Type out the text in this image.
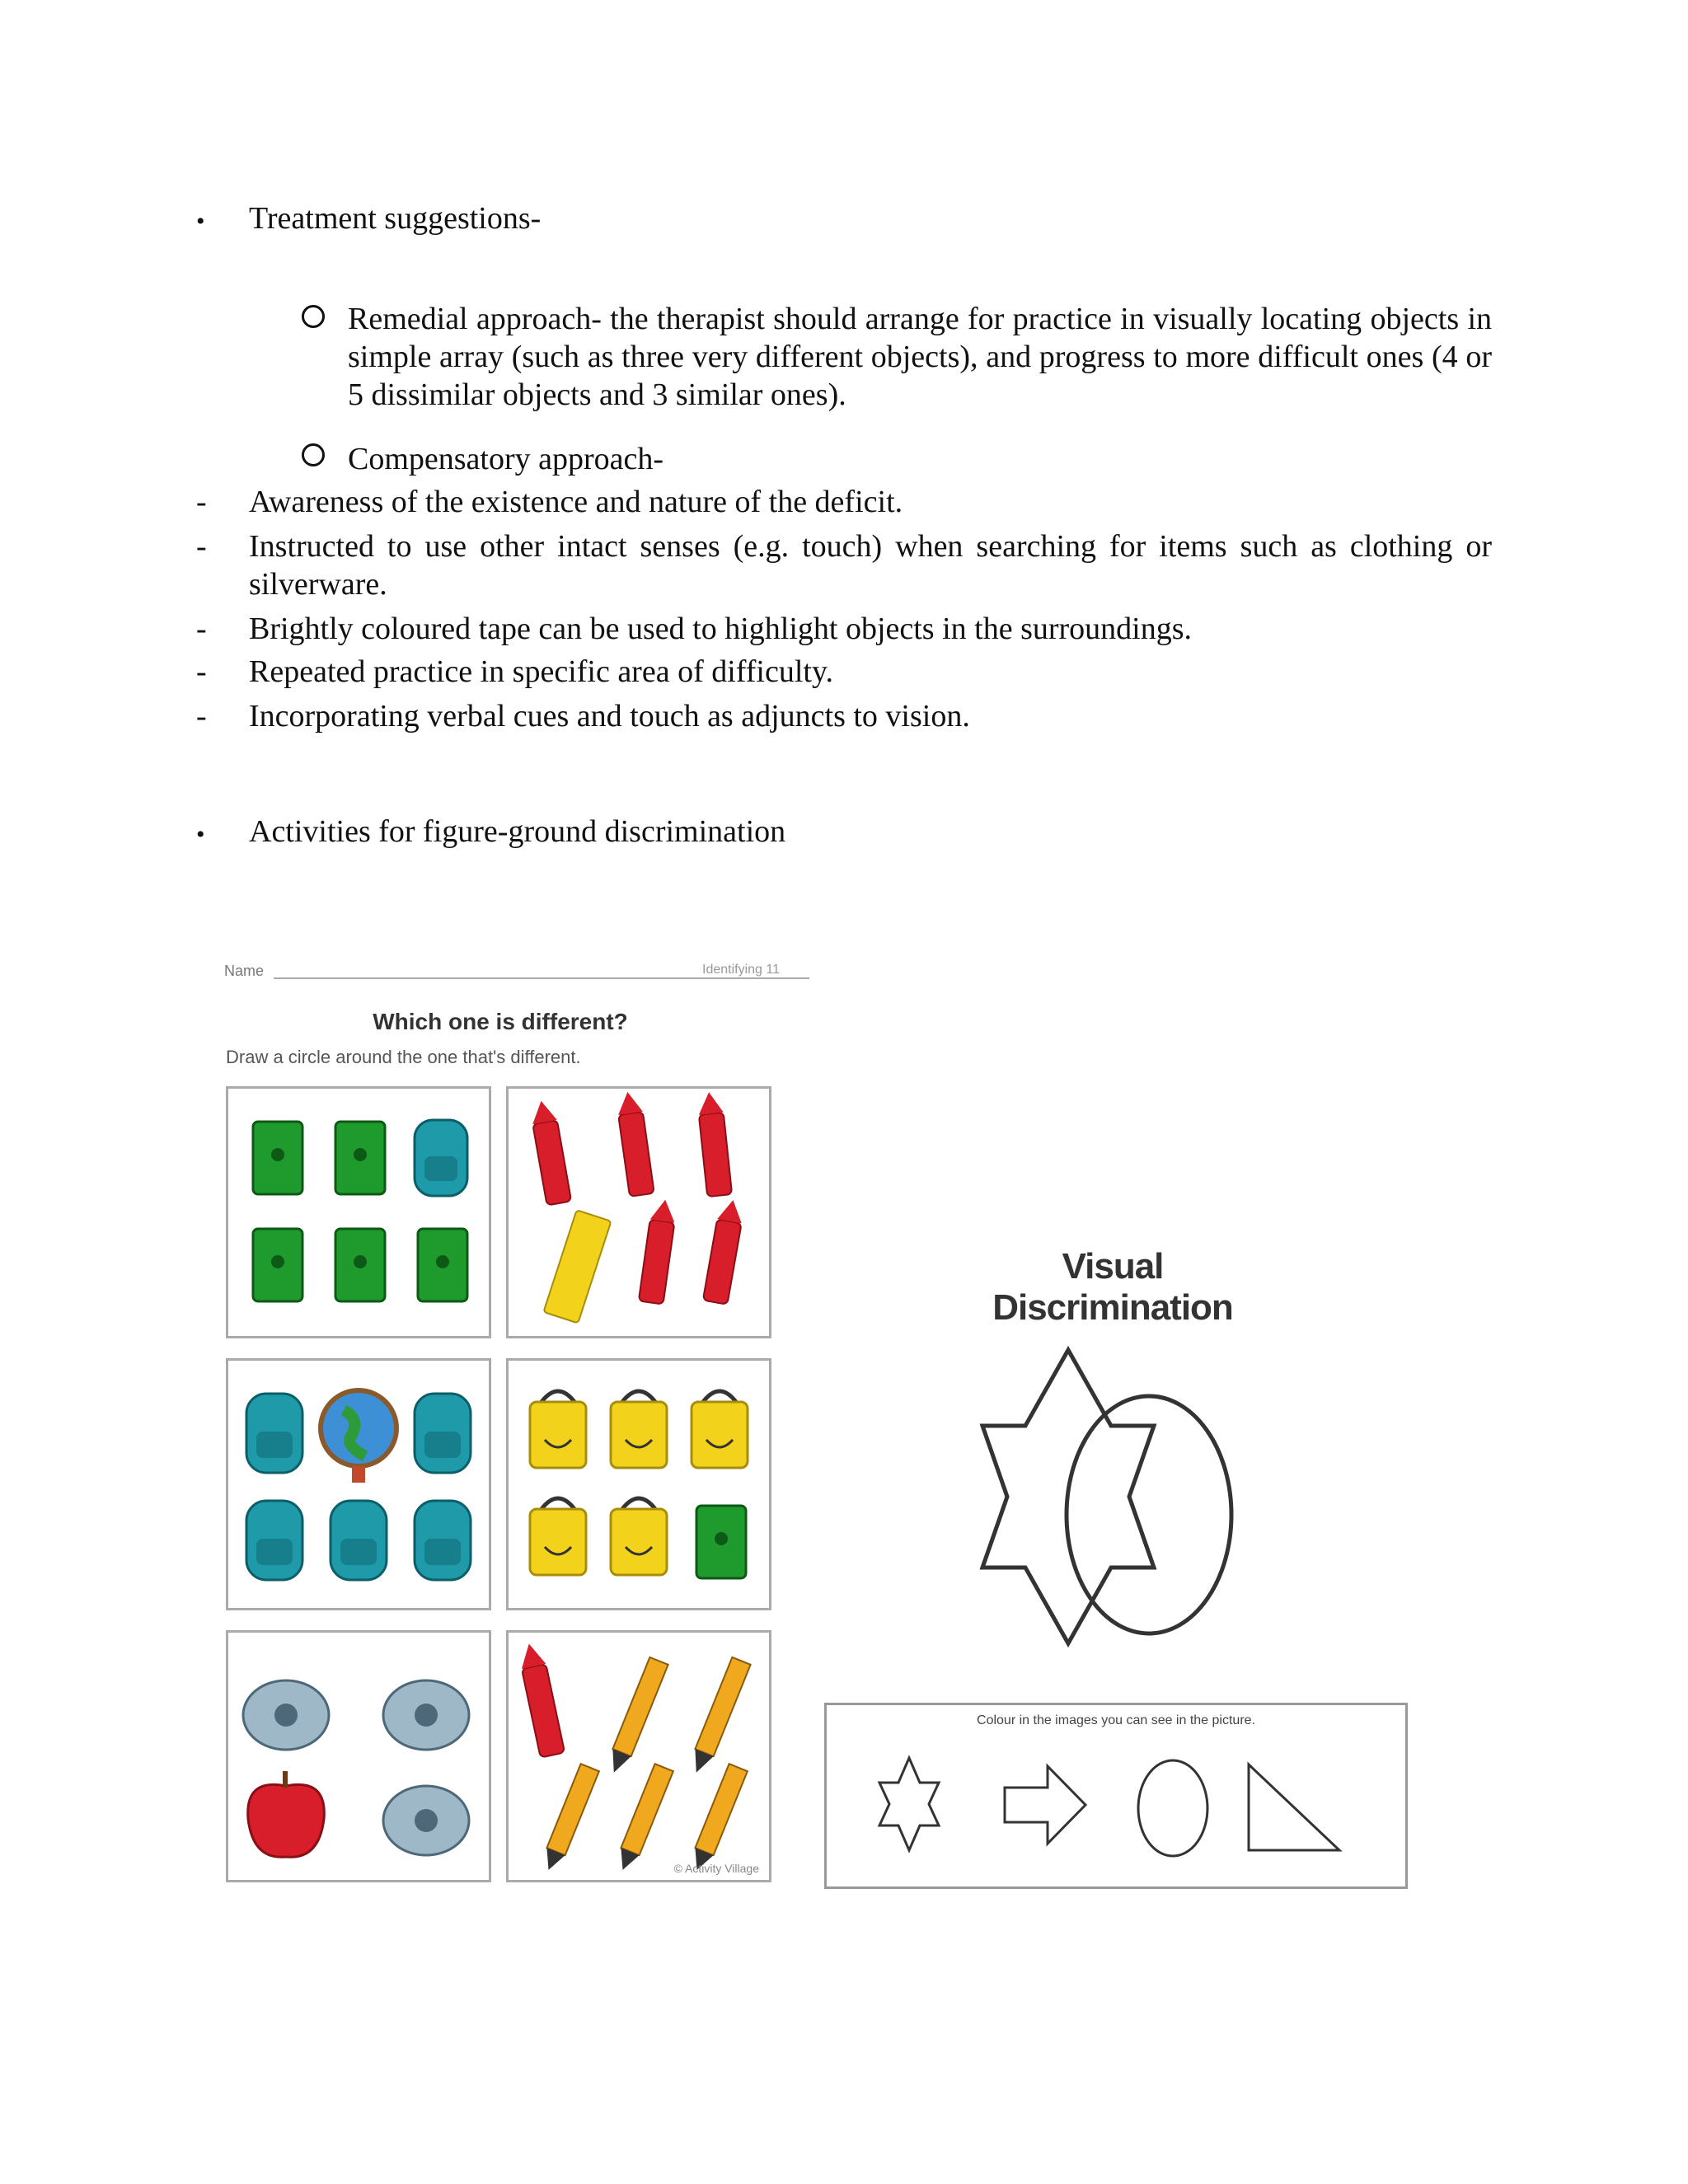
• Treatment suggestions-
Remedial approach- the therapist should arrange for practice in visually locating objects in simple array (such as three very different objects), and progress to more difficult ones (4 or 5 dissimilar objects and 3 similar ones).
Compensatory approach-
- Awareness of the existence and nature of the deficit.
- Instructed to use other intact senses (e.g. touch) when searching for items such as clothing or silverware.
- Brightly coloured tape can be used to highlight objects in the surroundings.
- Repeated practice in specific area of difficulty.
- Incorporating verbal cues and touch as adjuncts to vision.
• Activities for figure-ground discrimination
Name	Identifying 11
Which one is different?
Draw a circle around the one that's different.
© Activity Village
Visual Discrimination
Colour in the images you can see in the picture.
